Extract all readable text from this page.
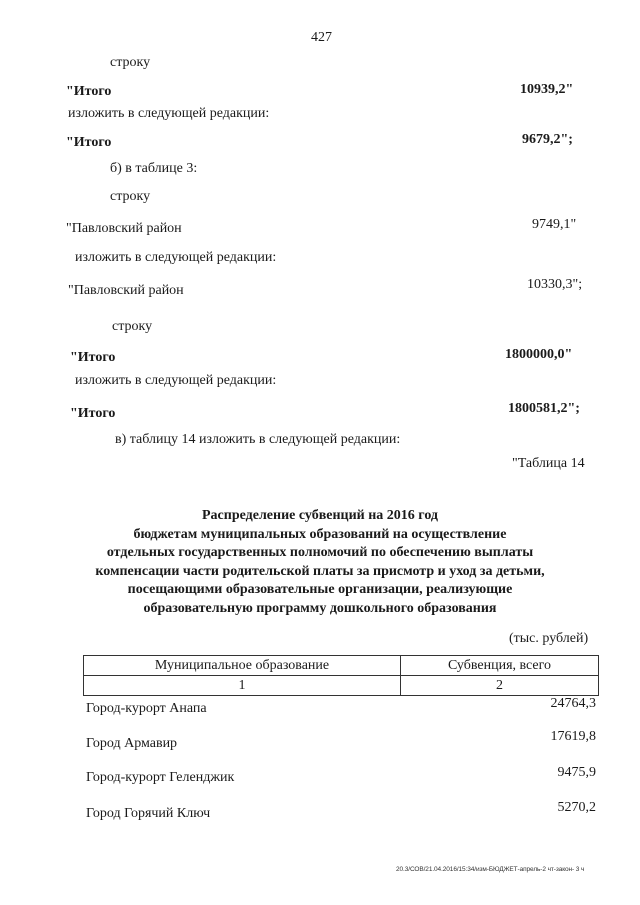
427
строку
"Итого	10939,2"
изложить в следующей редакции:
"Итого	9679,2";
б) в таблице 3:
строку
"Павловский район	9749,1"
изложить в следующей редакции:
"Павловский район	10330,3";
строку
"Итого	1800000,0"
изложить в следующей редакции:
"Итого	1800581,2";
в) таблицу 14 изложить в следующей редакции:
"Таблица 14
Распределение субвенций на 2016 год
бюджетам муниципальных образований на осуществление
отдельных государственных полномочий по обеспечению выплаты
компенсации части родительской платы за присмотр и уход за детьми,
посещающими образовательные организации, реализующие
образовательную программу дошкольного образования
(тыс. рублей)
Муниципальное образование	Субвенция, всего
1	2
Город-курорт Анапа	24764,3
Город Армавир	17619,8
Город-курорт Геленджик	9475,9
Город Горячий Ключ	5270,2
20.3/СОВ/21.04.2016/15:34/изм-БЮДЖЕТ-апрель-2 чт-закон- 3 ч
